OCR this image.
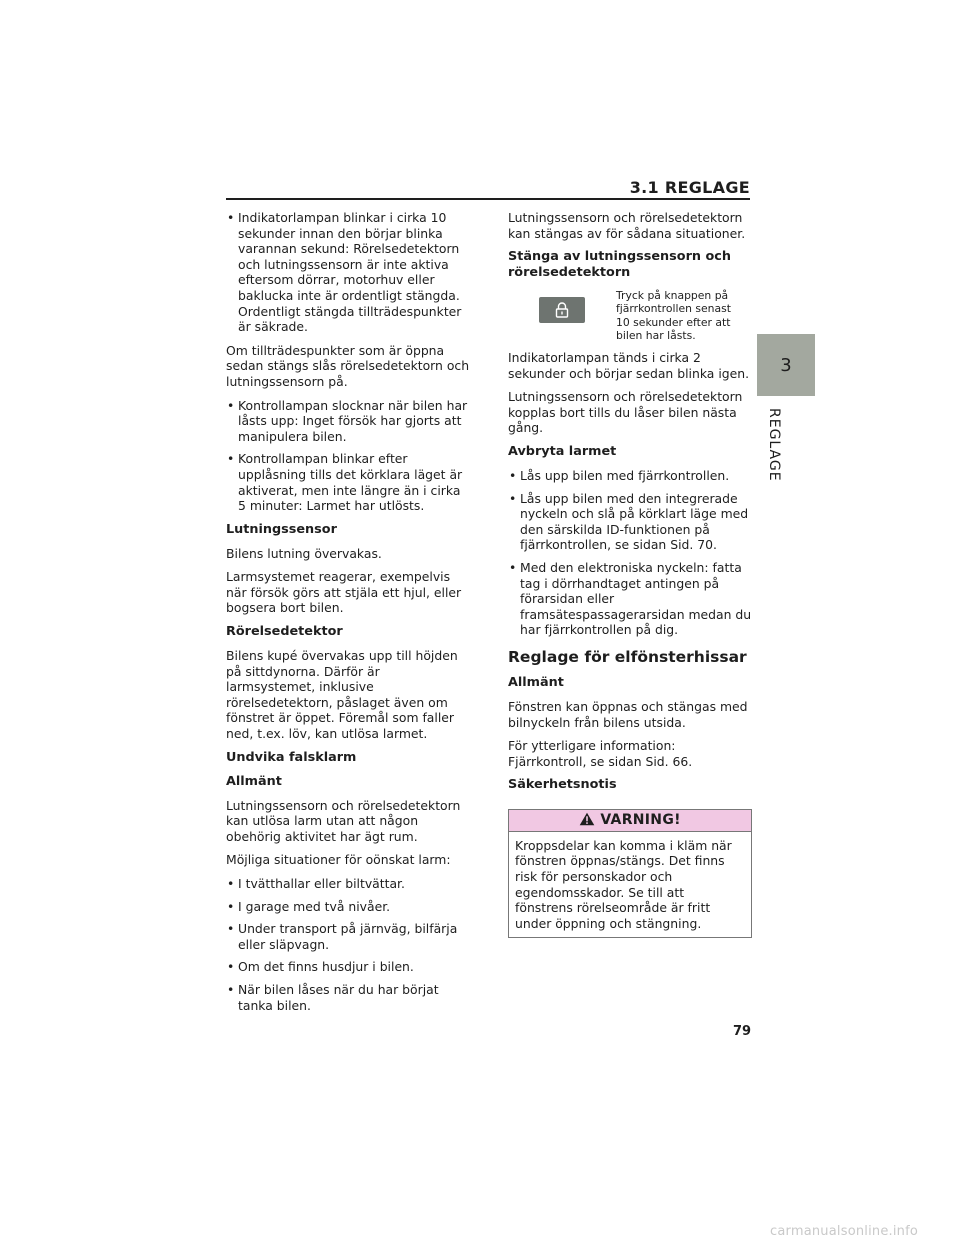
3.1 REGLAGE
3
REGLAGE
• Indikatorlampan blinkar i cirka 10 sekunder innan den börjar blinka varannan sekund: Rörelsedetektorn och lutningssensorn är inte aktiva eftersom dörrar, motorhuv eller baklucka inte är ordentligt stängda. Ordentligt stängda tillträdespunkter är säkrade.

Om tillträdespunkter som är öppna sedan stängs slås rörelsedetektorn och lutningssensorn på.

• Kontrollampan slocknar när bilen har låsts upp: Inget försök har gjorts att manipulera bilen.
• Kontrollampan blinkar efter upplåsning tills det körklara läget är aktiverat, men inte längre än i cirka 5 minuter: Larmet har utlösts.
Lutningssensor

Bilens lutning övervakas.

Larmsystemet reagerar, exempelvis när försök görs att stjäla ett hjul, eller bogsera bort bilen.

Rörelsedetektor

Bilens kupé övervakas upp till höjden på sittdynorna. Därför är larmsystemet, inklusive rörelsedetektorn, påslaget även om fönstret är öppet. Föremål som faller ned, t.ex. löv, kan utlösa larmet.

Undvika falsklarm
Allmänt

Lutningssensorn och rörelsedetektorn kan utlösa larm utan att någon obehörig aktivitet har ägt rum.

Möjliga situationer för oönskat larm:

• I tvätthallar eller biltvättar.
• I garage med två nivåer.
• Under transport på järnväg, bilfärja eller släpvagn.
• Om det finns husdjur i bilen.
• När bilen låses när du har börjat tanka bilen.

Lutningssensorn och rörelsedetektorn kan stängas av för sådana situationer.

Stänga av lutningssensorn och rörelsedetektorn
Tryck på knappen på fjärrkontrollen senast 10 sekunder efter att bilen har låsts.

Indikatorlampan tänds i cirka 2 sekunder och börjar sedan blinka igen.

Lutningssensorn och rörelsedetektorn kopplas bort tills du låser bilen nästa gång.

Avbryta larmet
• Lås upp bilen med fjärrkontrollen.
• Lås upp bilen med den integrerade nyckeln och slå på körklart läge med den särskilda ID-funktionen på fjärrkontrollen, se sidan Sid. 70.
• Med den elektroniska nyckeln: fatta tag i dörrhandtaget antingen på förarsidan eller framsätespassagerarsidan medan du har fjärrkontrollen på dig.
Reglage för elfönsterhissar
Allmänt

Fönstren kan öppnas och stängas med bilnyckeln från bilens utsida.

För ytterligare information: Fjärrkontroll, se sidan Sid. 66.

Säkerhetsnotis
VARNING!
Kroppsdelar kan komma i kläm när fönstren öppnas/stängs. Det finns risk för personskador och egendomsskador. Se till att fönstrens rörelseområde är fritt under öppning och stängning.
79
carmanualsonline.info
